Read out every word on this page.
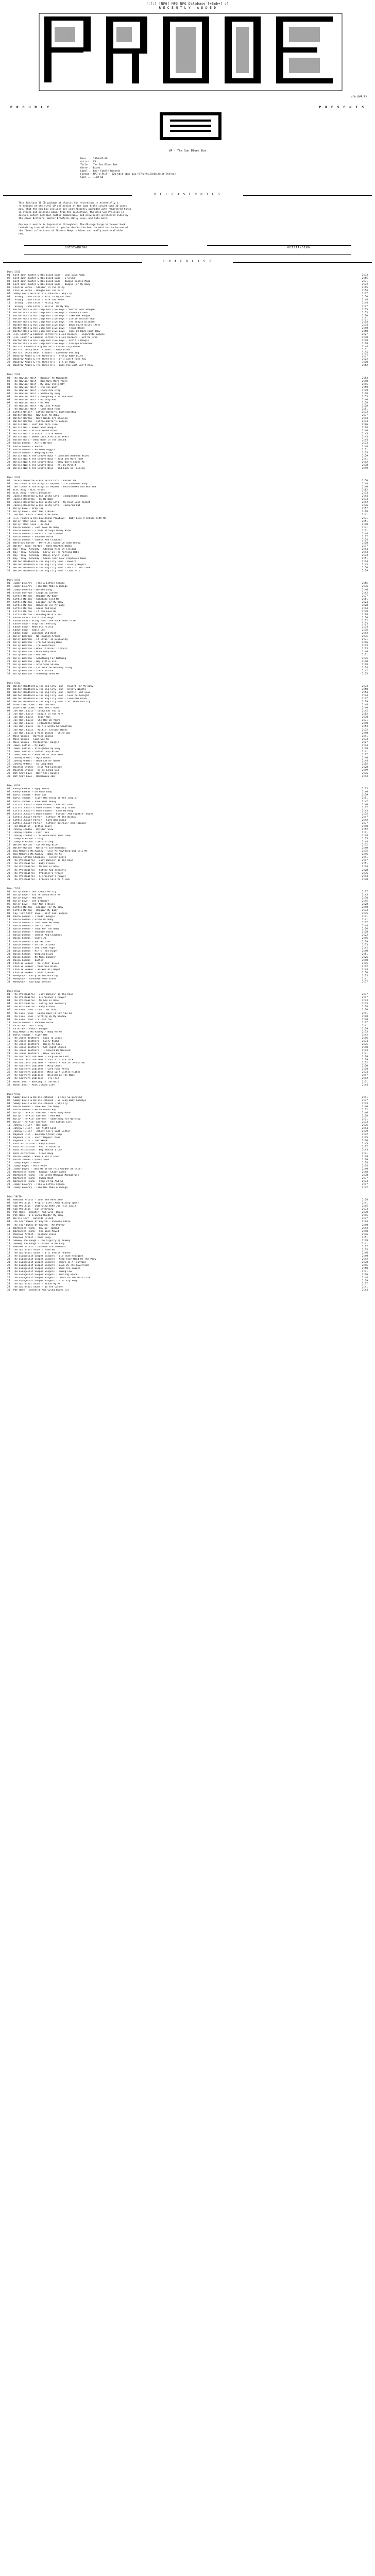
[:[:] [NFO] MP3 NFO Database [+Sub+] :]
R E C E N T L Y - A D D E D
af(c)BAR'05
P R O U D L Y	P R E S E N T S
VA - The Sun Blues Box
Date ..: 2010-07-06
Artist : VA
Title .: The Sun Blues Box
Genre .: Blues
Label .: Bear Family Records
Format : MP3 @ 96.9 - 320 kbit kbps avg [97Hz/44.1kHz/Joint Stereo]
Size ..: 1.18 GB
R E L E A S E N O T E S
This fabulous 10-CD package of classic Sun recordings is essentially a
re-release of the vinyl LP collection of the same title issued some 30 years
ago. What the new box includes are significantly upgraded with remastered tunes
in stereo and original mono, from the collection, the main Sun Phillips is
doing a potent medicine rather commercial, and previously unreleased sides by
the James Brothers, Walter Bradford, Billy Love, and lots more.
Any music merits is impressive throughout. The 60-page large hardcover book
containing tons of historical photos dwarfs the best in what has to be one of
the finest collections of 50s-era Memphis blues and really must-available
now.
OUTSTANDING	OUTSTANDING
T R A C K L I S T
Disc 1/10
01	Lost John Hunter & His Blind Bats - Cool Down Mama	2:33
02	Lost John Hunter & His Blind Bats - I Cried	2:55
03	Lost John Hunter & His Blind Bats - Boogie Woogie Mama	2:31
04	Lost John Hunter & His Blind Bats - Boogie For My Baby	2:32
05	Charlie Burse - Stayin' In The Alley	2:15
06	Charlie Burse - Boogie For The Mule	2:54
07	Sammy Lewis With Willie Johnson - Why Cry	2:37
08	'Sleepy' John Estes - Rats In My Kitchen	2:50
09	'Sleepy' John Estes - Milk Cow Blues	2:48
10	'Sleepy' John Estes - Policy Man	2:44
11	'Sleepy' John Estes - Rollin' On My Way	2:37
12	Doctor Ross & His Jump And Jive Boys - Doctor Ross Boogie	2:55
13	Doctor Ross & His Jump And Jive Boys - Country Clown	2:53
14	Doctor Ross & His Jump And Jive Boys - Juke Box Boogie	2:30
15	Doctor Ross & His Jump And Jive Boys - Little Soldier Boy	2:31
16	Doctor Ross & His Jump And Jive Boys - The Boogie Disease	2:54
17	Doctor Ross & His Jump And Jive Boys - Down South Blues (Alt)	2:34
18	Doctor Ross & His Jump And Jive Boys - Texas Blues	2:40
19	Doctor Ross & His Jump And Jive Boys - Come On Back Home Baby	2:50
20	J.B. Lenoir & Cameron Carroll's Blues Rockers - Cigarette Boogie	2:27
21	J.B. Lenoir & Cameron Carroll's Blues Rockers - Set Me Free	2:38
22	Doctor Ross & His Jump And Jive Boys - Scott's Boogie	2:38
23	Doctor Ross & His Jump And Jive Boys - Chicago Breakdown	2:39
24	Willie Johnson & Big Walter - Cousin Cary Blues	2:44
25	Willie 'Jelly Bean' Stewart - Baby Blues	2:51
26	Willie 'Jelly Bean' Stewart - Lonesome Feeling	2:35
27	Woodrow Adams & The Three B's - Pretty Baby Blues	2:37
28	Woodrow Adams & The Three B's - If I Can't Have You	2:22
29	Woodrow Adams & The Three B's - I'm In Pain	3:10
30	Woodrow Adams & The Three B's - Baby You Just Don't Know	2:52
Disc 2/10
01	The Howlin' Wolf - Howlin' At Midnight	2:53
02	The Howlin' Wolf - How Many More Years	2:48
03	The Howlin' Wolf - My Baby Stole Off	2:45
04	The Howlin' Wolf - I'm The Wolf	2:59
05	The Howlin' Wolf - Chocolate Drop	2:39
06	The Howlin' Wolf - Saddle My Pony	2:38
07	The Howlin' Wolf - Everybody's In The Mood	2:53
08	The Howlin' Wolf - Dorothy Mae	2:40
09	The Howlin' Wolf - Oh Red	2:58
10	The Howlin' Wolf - My Last Affair	2:28
11	The Howlin' Wolf - Come Back Home	2:51
12	Little Walter - Little Walter's Instrumental	2:32
13	Walter Horton - Now Tell Me Baby	2:37
14	Walter Horton - West Winds Are Blowing	2:43
15	Walter Horton - Little Walter's Boogie	2:33
16	Willie Nix - Just One More Time	2:26
17	Willie Nix - Baker Shop Boogie	2:38
18	Willie Nix - Prison Bound Blues	2:40
19	Willie Nix - Truckin' Little Woman	2:45
20	Willie Nix - Seems Like A Million Years	2:43
21	Doctor Ross - Deep Down In The Ground	2:44
22	Rosco Gordon - Ain't No Use	2:33
23	Rosco Gordon - Booted	2:48
24	Rosco Gordon - No More Doggin'	2:21
25	Rosco Gordon - Weeping Blues	2:55
26	Willie Nix & The Groove Boys - Lonesome Bedroom Blues	2:29
27	Willie Nix & The Groove Boys - Just One More Time	2:41
28	Willie Nix & The Groove Boys - Baby Don't Leave Me	2:42
29	Willie Nix & The Groove Boys - All By Myself	2:38
30	Willie Nix & The Groove Boys - Bad Luck Is Falling	2:49
Disc 3/10
01	Jackie Brenston & His Delta Cats - Rocket 88	2:50
02	Joe Turner & His Kings Of Rhythm - I'm Lonesome Baby	2:48
03	Ike Turner & His Kings Of Rhythm - Heartbroken And Worried	2:40
04	B.B. King - B.B. Blues	3:02
05	B.B. King - She's Dynamite	2:33
06	Jackie Brenston & His Delta Cats - Independent Woman	2:44
07	Jackie Brenston - Hi Ho Baby	2:33
08	Jackie Brenston & His Delta Cats - My Real Gone Rocket	2:42
09	Jackie Brenston & His Delta Cats - Tuckered Out	2:36
10	Billy Love - Drop Top	2:57
11	Billy Love - Poor Man's Blues	2:28
12	Joe Hill Louis - When I Am Gone	2:41
13	J.J. Pearce & His Louisiana Playboys - Baby Like A Chance With Me	2:31
14	Billy 'Red' Love - Drop Top	2:51
15	Billy 'Red' Love - Juiced	2:40
16	Rosco Gordon - Just Love Me Baby	2:41
17	Rosco Gordon - I Made Through Muddy Water	2:31
18	Rosco Gordon - Decorate The Counter	2:44
19	Rosco Gordon - Shoobie Oobie	2:37
20	Rosco Gordon - Cheese And Crackers	2:24
21	Hardrock Gunter - We're All Gonna Do Some Wrong	2:18
22	Walter 'Tang' Horton - Hard Hearted Woman	2:37
23	Roy 'Tiny' Kennedy - Strange Kind Of Feeling	2:44
24	Roy 'Tiny' Kennedy - Early In The Morning Baby	2:43
25	Roy 'Tiny' Kennedy - Blues Cryin' Blues	2:33
26	Roy 'Tiny' Kennedy - Gonna Tear Your Playhouse Down	2:51
27	Walter Bradford & The Big City Four - Reward	2:34
28	Walter Bradford & The Big City Four - Dreary Nights	2:43
29	Walter Bradford & The Big City Four - Nuthin' But Love	2:50
30	Walter Bradford & The Big City Four - Love Pt 2	2:29
Disc 4/10
01	Jimmy DeBerry - Take A Little Chance	2:55
02	Jimmy DeBerry - Time Has Made A Change	2:36
03	Jimmy DeBerry - Before Long	2:46
04	Ernie Chaffin - Laughing Lonely	2:42
05	Little Milton - Beggin' My Baby	2:37
06	Little Milton - Somebody Told Me	2:51
07	Little Milton - Lookin' For My Baby	2:24
08	Little Milton - Homesick For My Baby	2:28
09	Little Milton - Alone And Blue	2:44
10	Little Milton - If You Love Me	2:39
11	Little Milton - Running Wild Blues	2:28
12	Eddie Snow - Ain't That Right	2:50
13	Eddie Snow - Bring Your Love Back Home To Me	2:22
14	Eddie Snow - Stop That Feeling	2:23
15	Eddie Snow - Mean Old Frisco	2:34
16	Eddie Snow - Sadie Lee	2:36
17	Eddie Snow - Lonesome Old Wind	2:42
18	Billy Emerson - No Teasing Around	2:35
19	Billy Emerson - If Lovin' Is Believing	2:31
20	Billy Emerson - I'm Not Going Home	2:46
21	Billy Emerson - The Woodchuck	2:33
22	Billy Emerson - When It Rains It Pours	2:33
23	Billy Emerson - Move Baby Move	2:40
24	Billy Emerson - Red Hot	2:31
25	Billy Emerson - Something For Nothing	2:35
26	Billy Emerson - Hey Little Girl	2:30
27	Billy Emerson - Shim Sham Shimmy	2:38
28	Billy Emerson - Little Fine Healthy Thing	2:34
29	Billy Emerson - The Pleasure	2:42
30	Billy Emerson - Somebody Show Me	2:35
Disc 5/10
01	Walter Bradford & The Big City Four - Reward For My Baby	2:33
02	Walter Bradford & The Big City Four - Dreary Nights	2:50
03	Walter Bradford & The Big City Four - Nuthin' But Love	2:54
04	Walter Bradford & The Big City Four - Love Me Tonight	2:44
05	Walter Bradford & The Big City Four - Lonesome Blues	2:37
06	Walter Bradford & The Big City Four - Sit Down And Cry	2:39
07	Albert Williams - Hoo Doo Man	2:48
08	Albert Williams - Now She's Gone	2:40
09	Joe Hill Louis - Gotta Let You Go	2:42
10	Joe Hill Louis - Boogie In The Park	2:52
11	Joe Hill Louis - Tiger Man	2:30
12	Joe Hill Louis - She May Be Yours	2:31
13	Joe Hill Louis - Hydramatic Woman	2:40
14	Joe Hill Louis - We All Gotta Go Sometime	2:53
15	Joe Hill Louis - Walkin' Talkin' Blues	2:32
16	Joe Hill Louis & Mose Vinson - Shine Boy	2:40
17	Mose Vinson - Worried Boogie	2:41
18	Mose Vinson - Come See Me	2:33
19	Mose Vinson - Mistreatin' Boogie	2:27
20	James Cotton - My Baby	2:34
21	James Cotton - Straighten Up Baby	2:38
22	James Cotton - Cotton Crop Blues	2:41
23	James Cotton - Hold Me In Your Arms	2:37
24	Johnny O'Neal - Ugly Woman	2:40
25	Johnny O'Neal - Dead Letter Blues	2:44
26	Johnny O'Neal - So Long Baby	2:55
27	Houston Stokes - Blue And Lonesome	2:28
28	Houston Stokes - We're Gonna Bop	2:49
29	Hot Shot Love - Wolf Call Boogie	2:36
30	Hot Shot Love - Harmonica Jam	2:43
Disc 6/10
01	Kenny Parker - Ugly Woman	2:33
02	Kenny Parker - Go Away Baby	2:40
03	Rufus Thomas - Bear Cat	2:39
04	Rufus Thomas - Tiger Man (King Of The Jungle)	2:51
05	Rufus Thomas - Save That Money	2:42
06	Little Junior's Blue Flames - Feelin' Good	2:46
07	Little Junior's Blue Flames - Mystery Train	2:37
08	Little Junior's Blue Flames - Love My Baby	2:43
09	Little Junior's Blue Flames - Fussin' And Fightin' Blues	2:35
10	Little Junior Parker - Sittin' At The Window	2:47
11	Little Junior Parker - Fast Bad Woman	2:42
12	Little Junior Parker - Sittin' Drinkin' And Thinkin'	2:37
13	Ted Randolph - Bitter Tears	2:40
14	Johnny London - Drivin' Slow	2:52
15	Johnny London - Flat Tire	2:31
16	Johnny London - I'm Gonna Bake Some Cake	2:48
17	Jimmy & Walter - Easy	2:35
18	Jimmy & Walter - Before Long	2:44
19	Walter Horton - Little Boy Blue	2:32
20	Walter Horton - Walter's Instrumental	2:40
21	Big Memphis Ma Rainey - Call Me Anything But Call Me	2:35
22	Big Memphis Ma Rainey - Baby No No	2:46
23	Ripley Cotton Choppers - Silver Bells	2:41
24	The Prisonaires - Just Walkin' In The Rain	2:47
25	The Prisonaires - Baby Please	2:51
26	The Prisonaires - My God Is Real	2:34
27	The Prisonaires - Softly And Tenderly	2:28
28	The Prisonaires - Prisoner's Prayer	2:36
29	The Prisonaires - A Prisoner's Prayer	2:43
30	The Prisonaires - Friends Call Me A Fool	2:30
Disc 7/10
01	Billy Love - Don't Make Me Cry	2:37
02	Billy Love - You're Gonna Miss Me	2:43
03	Billy Love - Hey Now	2:38
04	Billy Love - Gee I Wonder	2:45
05	Billy Love - Poor Man's Blues	2:28
06	Little Milton - Lookin' For My Baby	2:40
07	Little Milton - Beggin' My Baby	2:33
08	Coy 'Hot Shot' Love - Wolf Call Boogie	2:35
09	Rosco Gordon - T-Model Boogie	2:31
10	Rosco Gordon - Dream On Baby	2:41
11	Rosco Gordon - Just Love Me Baby	2:27
12	Rosco Gordon - The Chicken	2:44
13	Rosco Gordon - Love For You Baby	2:36
14	Rosco Gordon - Shoobie Oobie	2:38
15	Rosco Gordon - Cheese And Crackers	2:22
16	Rosco Gordon - Sally Jo	2:46
17	Rosco Gordon - Bop With Me	2:39
18	Rosco Gordon - Do The Chicken	2:33
19	Rosco Gordon - Let's Get High	2:42
20	Rosco Gordon - Ain't That Right	2:40
21	Rosco Gordon - Weeping Blues	2:51
22	Rosco Gordon - No More Doggin'	2:26
23	Rosco Gordon - Booted	2:48
24	Charlie Booker - No Ridin' Blues	2:35
25	Charlie Booker - Moonrise Blues	2:42
26	Charlie Booker - Walked All Night	2:44
27	Charlie Booker - Rabbit Blues	2:50
28	Honeyboy - Early In The Morning	2:33
29	Honeyboy - Lonesome Road Blues	2:41
30	Honeyboy - Sad Days Behind	2:37
Disc 8/10
01	The Prisonaires - Just Walkin' In The Rain	2:37
02	The Prisonaires - A Prisoner's Prayer	2:47
03	The Prisonaires - My God Is Real	2:33
04	The Prisonaires - Softly And Tenderly	2:43
05	The Prisonaires - Baby Please	2:38
06	The Five Tinos - Don't Do That	2:30
07	The Five Tinos - Gonna Have To Let You Go	2:41
08	The Five Tinos - Sitting By My Window	2:48
09	The Five Tinos - I Love You	2:40
10	Rosco Gordon - Shoobie Oobie	2:37
11	Ed Kirby - Don't Stop	2:41
12	Ed Kirby - Mama's Boogie	2:39
13	Big Memphis Ma Rainey - Baby No No	2:33
14	Rufus Thomas - Tiger Man	2:42
15	The Jones Brothers - Look To Jesus	2:46
16	The Jones Brothers - Every Night	2:34
17	The Jones Brothers - Bless My Soul	2:35
18	The Jones Brothers - Get Right Church	2:40
19	The Jones Brothers - I Should Be Blessed	2:43
20	The Jones Brothers - Have You Ever	2:41
21	The Southern Jubilees - Forgive Me Lord	2:36
22	The Southern Jubilees - Just A Little Talk	2:39
23	The Southern Jubilees - There's A Man In Jerusalem	2:32
24	The Southern Jubilees - Holy Ghost	2:30
25	The Southern Jubilees - Lord Have Mercy	2:38
26	The Southern Jubilees - Move Up A Little Higher	2:34
27	The Southern Jubilees - Blessed Be The Name	2:47
28	The Southern Jubilees - I'm Free	2:42
29	Hunki Dori - Walking In The Rain	2:31
30	Hunki Dori - Rock Island Line	2:44
Disc 9/10
01	Sammy Lewis & Willie Johnson - I Feel So Worried	2:41
02	Sammy Lewis & Willie Johnson - So Long Baby Goodbye	2:37
03	Sammy Lewis & Willie Johnson - Why Cry	2:33
04	Rosco Gordon - Love For You Baby	2:40
05	Rosco Gordon - We're Gonna Bop	2:32
06	Billy 'The Kid' Emerson - Move Baby Move	2:46
07	Billy 'The Kid' Emerson - Red Hot	2:38
08	Billy 'The Kid' Emerson - Something For Nothing	2:31
09	Billy 'The Kid' Emerson - Hey Little Girl	2:33
10	Johnny Fuller - Hey Baby	2:36
11	Johnny Fuller - All Night Long	2:44
12	Johnny Fuller - Johnny Ace's Last Letter	2:39
13	Raymond Hill - Bourbon Street Jump	2:42
14	Raymond Hill - Snuff Dippin' Mama	2:35
15	Raymond Hill - The Skunk	2:30
16	Rudi Richardson - Baby Please	2:45
17	Rudi Richardson - Fool's Paradise	2:37
18	Rudi Richardson - Why Should I Cry	2:43
19	Rudi Richardson - Sleep Deep	2:41
20	David Jordan - When I Was A Fool	2:49
21	David Jordan - Quick Sand	2:36
22	Jimmy Wages - Mabel	2:28
23	Jimmy Wages - Miss Pearl	2:34
24	Jimmy Wages - Take Me (From This Garden Of Evil)	2:40
25	Harmonica Frank - Rockin' Chair Daddy	2:48
26	Harmonica Frank - The Great Medical Menagerist	2:38
27	Harmonica Frank - Swamp Root	2:37
28	Harmonica Frank - Step It Up And Go	2:33
29	Jimmy DeBerry - Take A Little Chance	2:47
30	Jimmy DeBerry - Time Has Made A Change	2:42
Disc 10/10
01	Unknown Artist - John The Revelator	2:38
02	Sam Phillips - Prop Of Life (Advertising Spot)	2:41
03	Sam Phillips - Interview With Joe Hill Louis	2:45
04	Sam Phillips - Sun Interview	2:33
05	Pat Hare - Cheatin' And Lyin' Blues	2:30
06	Pat Hare - I'm Gonna Murder My Baby	2:45
07	Willie Carr - Outside Friend	2:37
08	The Four Dukes Of Rhythm - Shoobie Oobie	2:34
09	The Four Dukes Of Rhythm - My Prayer	2:40
10	Harmonica Frank - Howlin' Tomcat	2:42
11	Harmonica Frank - She Done Moved	2:48
12	Unknown Artist - Oakland Blues	2:36
13	Unknown Artist - Mama Long	2:51
14	Smokey Joe Baugh - The Signifying Monkey	2:39
15	Smokey Joe Baugh - Listen To Me Baby	2:41
16	Unknown Artist - Unknown Instrumental	2:27
17	The Spiritual Stars - Hide Me	2:35
18	The Spiritual Stars - I'll Search Heaven	2:46
19	The Evangelist Gospel Singers - Old Time Religion	2:40
20	The Evangelist Gospel Singers - Keep Your Hand On The Plow	2:42
21	The Evangelist Gospel Singers - There Is A Fountain	2:38
22	The Evangelist Gospel Singers - Down By The Riverside	2:45
23	The Evangelist Gospel Singers - When The Saints	2:50
24	The Evangelist Gospel Singers - Swing Low	2:31
25	The Evangelist Gospel Singers - Amazing Grace	2:36
26	The Evangelist Gospel Singers - Jesus On The Main Line	2:44
27	The Evangelist Gospel Singers - I'll Fly Away	2:39
28	The Spiritual Stars - Stand By Me	2:37
29	The Spiritual Stars - In The Garden	2:41
30	Pat Hare - Cheating And Lying Blues (2)	2:43
